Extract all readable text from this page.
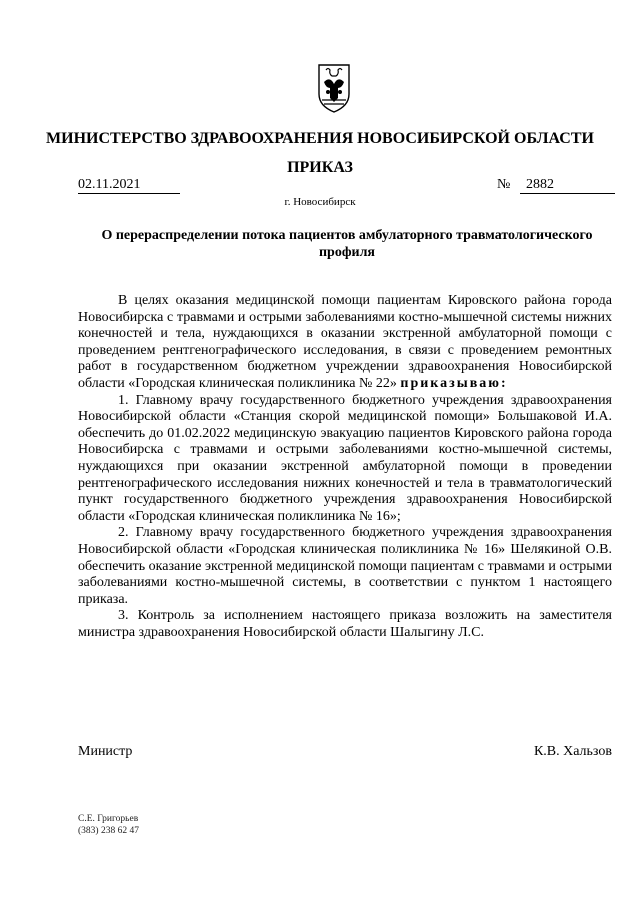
МИНИСТЕРСТВО ЗДРАВООХРАНЕНИЯ НОВОСИБИРСКОЙ ОБЛАСТИ
ПРИКАЗ
02.11.2021	№	2882
г. Новосибирск
О перераспределении потока пациентов амбулаторного травматологического профиля

В целях оказания медицинской помощи пациентам Кировского района города Новосибирска с травмами и острыми заболеваниями костно-мышечной системы нижних конечностей и тела, нуждающихся в оказании экстренной амбулаторной помощи с проведением рентгенографического исследования, в связи с проведением ремонтных работ в государственном бюджетном учреждении здравоохранения Новосибирской области «Городская клиническая поликлиника № 22» приказываю:

1. Главному врачу государственного бюджетного учреждения здравоохранения Новосибирской области «Станция скорой медицинской помощи» Большаковой И.А. обеспечить до 01.02.2022 медицинскую эвакуацию пациентов Кировского района города Новосибирска с травмами и острыми заболеваниями костно-мышечной системы, нуждающихся при оказании экстренной амбулаторной помощи в проведении рентгенографического исследования нижних конечностей и тела в травматологический пункт государственного бюджетного учреждения здравоохранения Новосибирской области «Городская клиническая поликлиника № 16»;

2. Главному врачу государственного бюджетного учреждения здравоохранения Новосибирской области «Городская клиническая поликлиника № 16» Шелякиной О.В. обеспечить оказание экстренной медицинской помощи пациентам с травмами и острыми заболеваниями костно-мышечной системы, в соответствии с пунктом 1 настоящего приказа.

3. Контроль за исполнением настоящего приказа возложить на заместителя министра здравоохранения Новосибирской области Шалыгину Л.С.

Министр	К.В. Хальзов
С.Е. Григорьев
(383) 238 62 47
